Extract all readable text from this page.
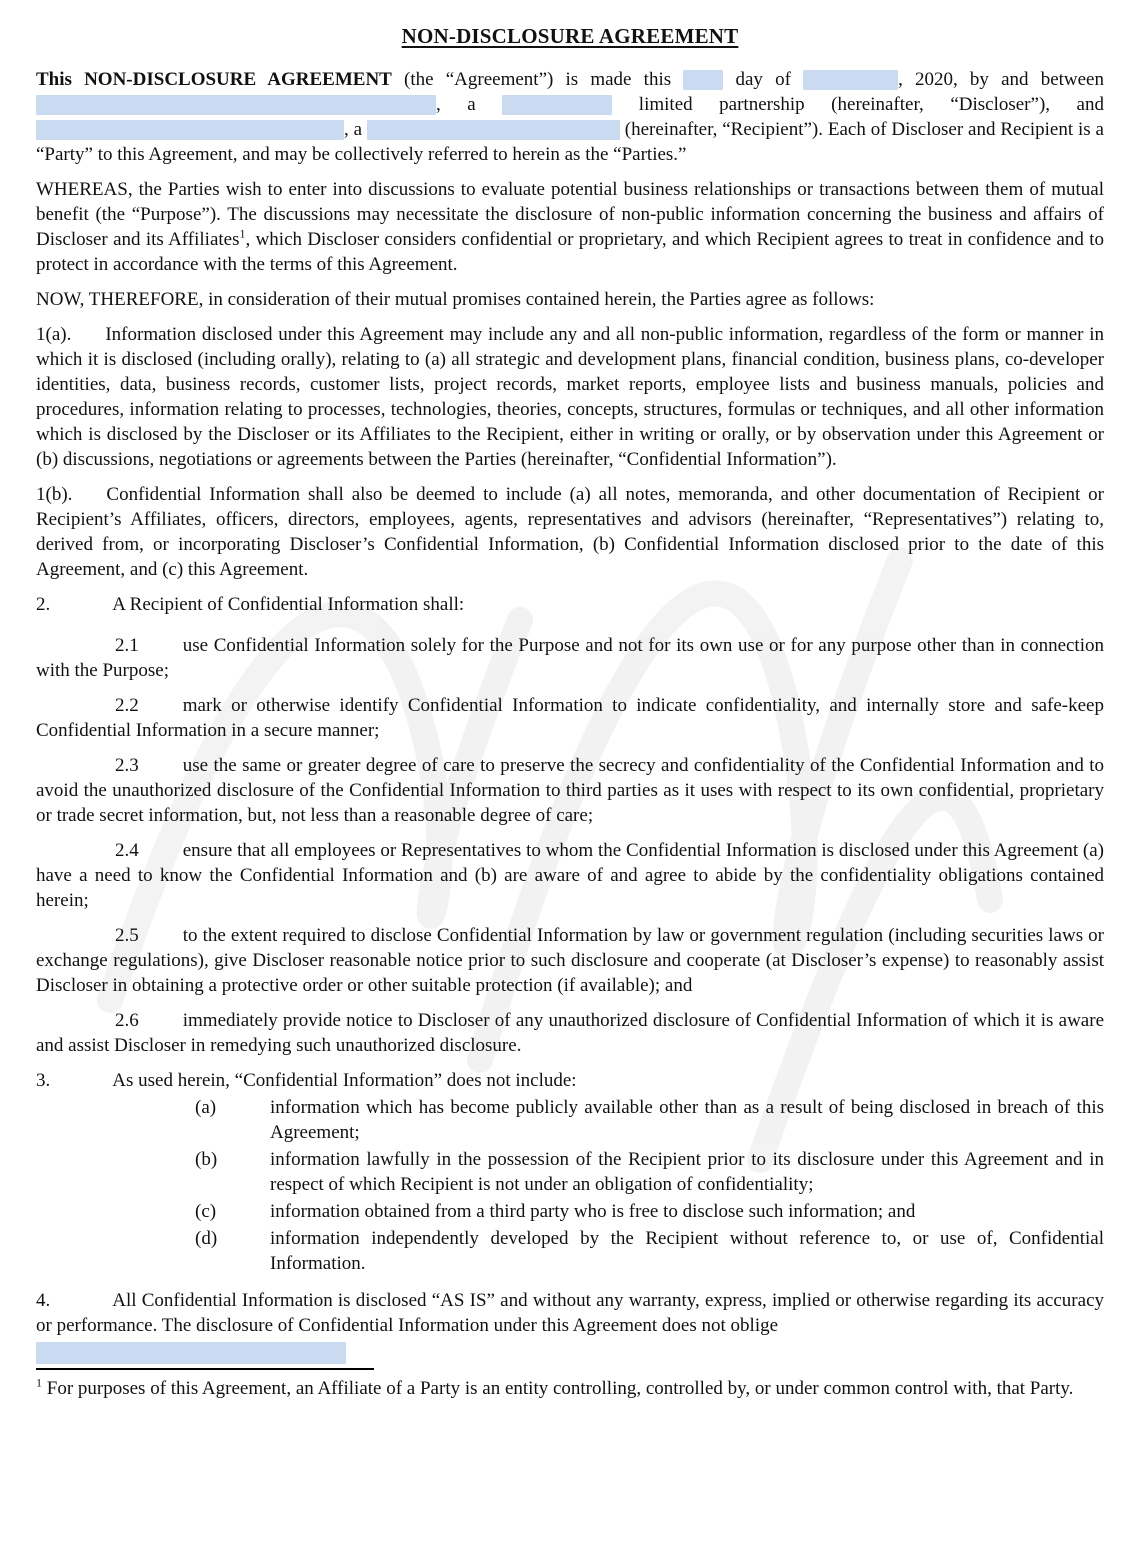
NON-DISCLOSURE AGREEMENT

This NON-DISCLOSURE AGREEMENT (the “Agreement”) is made this  day of	, 2020, by and between , a	limited partnership (hereinafter, “Discloser”), and , a	(hereinafter, “Recipient”). Each of Discloser and Recipient is a “Party” to this Agreement, and may be collectively referred to herein as the “Parties.”

WHEREAS, the Parties wish to enter into discussions to evaluate potential business relationships or transactions between them of mutual benefit (the “Purpose”). The discussions may necessitate the disclosure of non-public information concerning the business and affairs of Discloser and its Affiliates$^1$, which Discloser considers confidential or proprietary, and which Recipient agrees to treat in confidence and to protect in accordance with the terms of this Agreement.

NOW, THEREFORE, in consideration of their mutual promises contained herein, the Parties agree as follows:

1(a). Information disclosed under this Agreement may include any and all non-public information, regardless of the form or manner in which it is disclosed (including orally), relating to (a) all strategic and development plans, financial condition, business plans, co-developer identities, data, business records, customer lists, project records, market reports, employee lists and business manuals, policies and procedures, information relating to processes, technologies, theories, concepts, structures, formulas or techniques, and all other information which is disclosed by the Discloser or its Affiliates to the Recipient, either in writing or orally, or by observation under this Agreement or (b) discussions, negotiations or agreements between the Parties (hereinafter, “Confidential Information”).

1(b). Confidential Information shall also be deemed to include (a) all notes, memoranda, and other documentation of Recipient or Recipient’s Affiliates, officers, directors, employees, agents, representatives and advisors (hereinafter, “Representatives”) relating to, derived from, or incorporating Discloser’s Confidential Information, (b) Confidential Information disclosed prior to the date of this Agreement, and (c) this Agreement.

2.	A Recipient of Confidential Information shall:

2.1 use Confidential Information solely for the Purpose and not for its own use or for any purpose other than in connection with the Purpose;

2.2 mark or otherwise identify Confidential Information to indicate confidentiality, and internally store and safe-keep Confidential Information in a secure manner;

2.3 use the same or greater degree of care to preserve the secrecy and confidentiality of the Confidential Information and to avoid the unauthorized disclosure of the Confidential Information to third parties as it uses with respect to its own confidential, proprietary or trade secret information, but, not less than a reasonable degree of care;

2.4 ensure that all employees or Representatives to whom the Confidential Information is disclosed under this Agreement (a) have a need to know the Confidential Information and (b) are aware of and agree to abide by the confidentiality obligations contained herein;

2.5 to the extent required to disclose Confidential Information by law or government regulation (including securities laws or exchange regulations), give Discloser reasonable notice prior to such disclosure and cooperate (at Discloser’s expense) to reasonably assist Discloser in obtaining a protective order or other suitable protection (if available); and

2.6 immediately provide notice to Discloser of any unauthorized disclosure of Confidential Information of which it is aware and assist Discloser in remedying such unauthorized disclosure.

3.	As used herein, “Confidential Information” does not include:

(a)	information which has become publicly available other than as a result of being disclosed in breach of this Agreement;

(b)	information lawfully in the possession of the Recipient prior to its disclosure under this Agreement and in respect of which Recipient is not under an obligation of confidentiality;

(c)	information obtained from a third party who is free to disclose such information; and

(d)	information independently developed by the Recipient without reference to, or use of, Confidential Information.

4.	All Confidential Information is disclosed “AS IS” and without any warranty, express, implied or otherwise regarding its accuracy or performance. The disclosure of Confidential Information under this Agreement does not oblige

$^1$ For purposes of this Agreement, an Affiliate of a Party is an entity controlling, controlled by, or under common control with, that Party.
